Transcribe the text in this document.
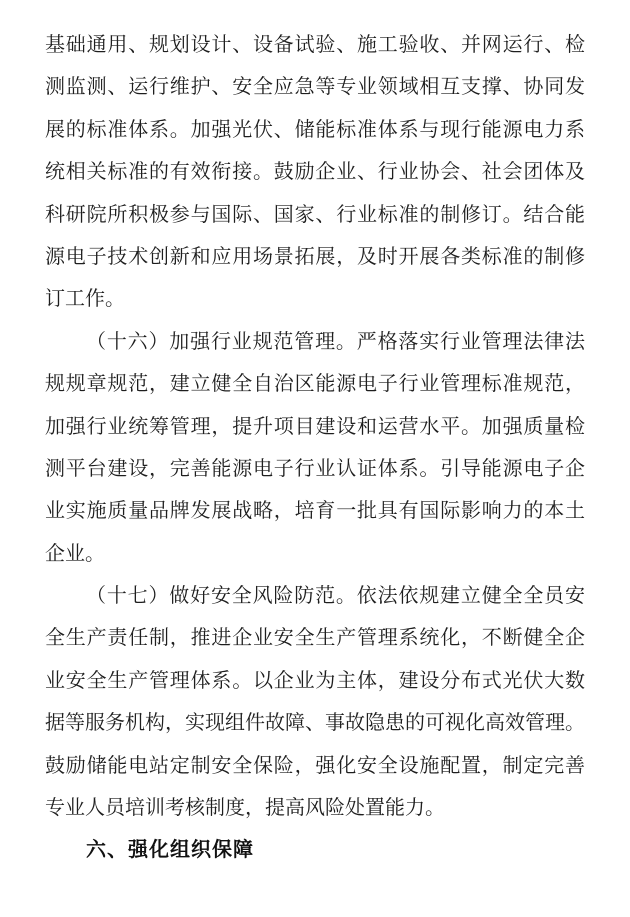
基础通用、规划设计、设备试验、施工验收、并网运行、检
测监测、运行维护、安全应急等专业领域相互支撑、协同发
展的标准体系。加强光伏、储能标准体系与现行能源电力系
统相关标准的有效衔接。鼓励企业、行业协会、社会团体及
科研院所积极参与国际、国家、行业标准的制修订。结合能
源电子技术创新和应用场景拓展，及时开展各类标准的制修
订工作。
（十六）加强行业规范管理。严格落实行业管理法律法
规规章规范，建立健全自治区能源电子行业管理标准规范，
加强行业统筹管理，提升项目建设和运营水平。加强质量检
测平台建设，完善能源电子行业认证体系。引导能源电子企
业实施质量品牌发展战略，培育一批具有国际影响力的本土
企业。
（十七）做好安全风险防范。依法依规建立健全全员安
全生产责任制，推进企业安全生产管理系统化，不断健全企
业安全生产管理体系。以企业为主体，建设分布式光伏大数
据等服务机构，实现组件故障、事故隐患的可视化高效管理。
鼓励储能电站定制安全保险，强化安全设施配置，制定完善
专业人员培训考核制度，提高风险处置能力。
六、强化组织保障
